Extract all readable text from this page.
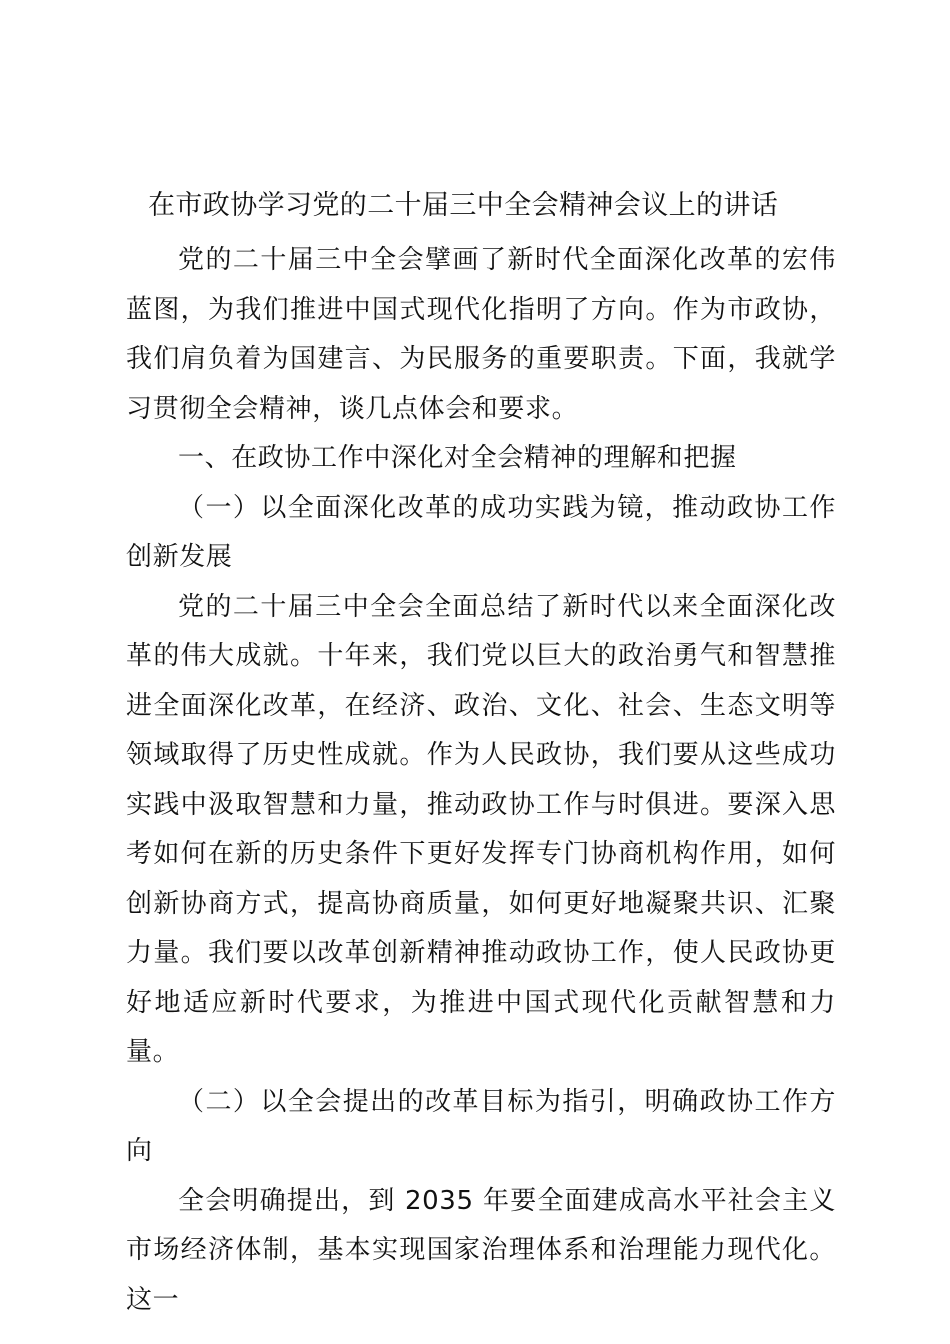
在市政协学习党的二十届三中全会精神会议上的讲话

党的二十届三中全会擘画了新时代全面深化改革的宏伟蓝图，为我们推进中国式现代化指明了方向。作为市政协，我们肩负着为国建言、为民服务的重要职责。下面，我就学习贯彻全会精神，谈几点体会和要求。

一、在政协工作中深化对全会精神的理解和把握

（一）以全面深化改革的成功实践为镜，推动政协工作创新发展

党的二十届三中全会全面总结了新时代以来全面深化改革的伟大成就。十年来，我们党以巨大的政治勇气和智慧推进全面深化改革，在经济、政治、文化、社会、生态文明等领域取得了历史性成就。作为人民政协，我们要从这些成功实践中汲取智慧和力量，推动政协工作与时俱进。要深入思考如何在新的历史条件下更好发挥专门协商机构作用，如何创新协商方式，提高协商质量，如何更好地凝聚共识、汇聚力量。我们要以改革创新精神推动政协工作，使人民政协更好地适应新时代要求，为推进中国式现代化贡献智慧和力量。

（二）以全会提出的改革目标为指引，明确政协工作方向

全会明确提出，到 2035 年要全面建成高水平社会主义市场经济体制，基本实现国家治理体系和治理能力现代化。这一
